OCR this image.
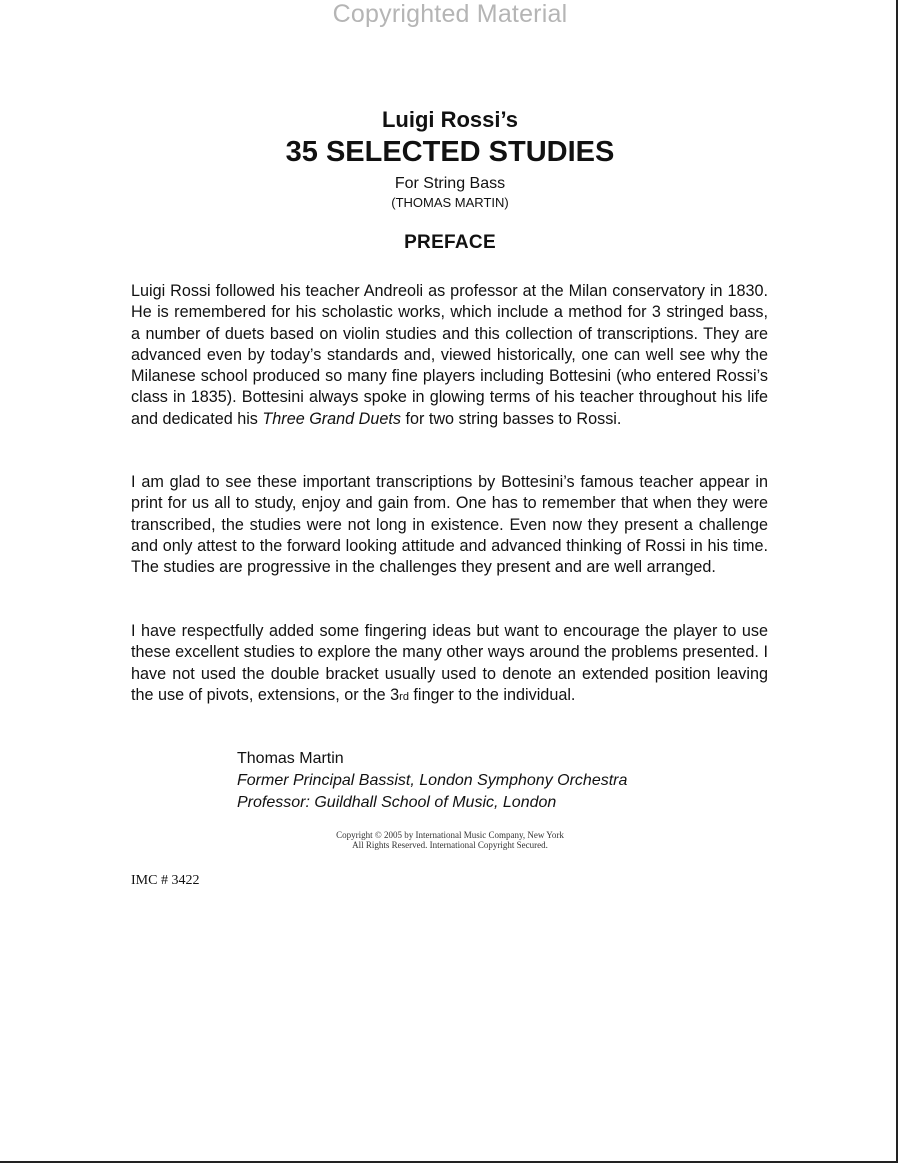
Copyrighted Material
Luigi Rossi’s
35 SELECTED STUDIES
For String Bass
(THOMAS MARTIN)
PREFACE

Luigi Rossi followed his teacher Andreoli as professor at the Milan conservatory in 1830. He is remembered for his scholastic works, which include a method for 3 stringed bass, a number of duets based on violin studies and this collection of transcriptions. They are advanced even by today’s standards and, viewed historically, one can well see why the Milanese school produced so many fine players including Bottesini (who entered Rossi’s class in 1835). Bottesini always spoke in glowing terms of his teacher throughout his life and dedicated his Three Grand Duets for two string basses to Rossi.

I am glad to see these important transcriptions by Bottesini’s famous teacher appear in print for us all to study, enjoy and gain from. One has to remember that when they were transcribed, the studies were not long in existence. Even now they present a challenge and only attest to the forward looking attitude and advanced thinking of Rossi in his time. The studies are progressive in the challenges they present and are well arranged.

I have respectfully added some fingering ideas but want to encourage the player to use these excellent studies to explore the many other ways around the problems presented. I have not used the double bracket usually used to denote an extended position leaving the use of pivots, extensions, or the 3rd finger to the individual.

Thomas Martin
Former Principal Bassist, London Symphony Orchestra
Professor: Guildhall School of Music, London
Copyright © 2005 by International Music Company, New York
All Rights Reserved. International Copyright Secured.
IMC # 3422
